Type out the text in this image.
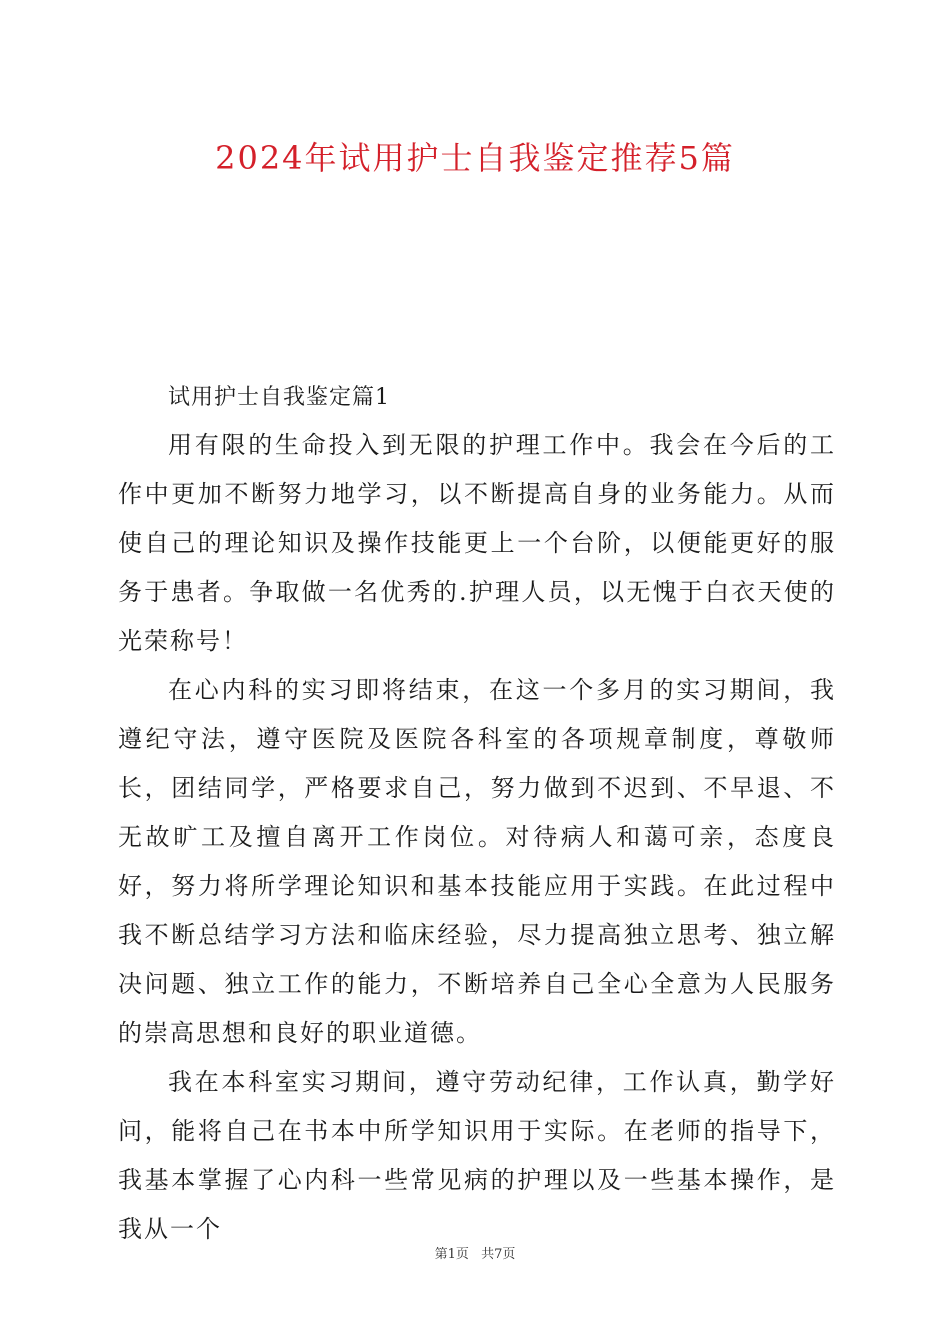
2024年试用护士自我鉴定推荐5篇

试用护士自我鉴定篇1

用有限的生命投入到无限的护理工作中。我会在今后的工作中更加不断努力地学习，以不断提高自身的业务能力。从而使自己的理论知识及操作技能更上一个台阶，以便能更好的服务于患者。争取做一名优秀的.护理人员，以无愧于白衣天使的光荣称号！

在心内科的实习即将结束，在这一个多月的实习期间，我遵纪守法，遵守医院及医院各科室的各项规章制度，尊敬师长，团结同学，严格要求自己，努力做到不迟到、不早退、不无故旷工及擅自离开工作岗位。对待病人和蔼可亲，态度良好，努力将所学理论知识和基本技能应用于实践。在此过程中我不断总结学习方法和临床经验，尽力提高独立思考、独立解决问题、独立工作的能力，不断培养自己全心全意为人民服务的崇高思想和良好的职业道德。

我在本科室实习期间，遵守劳动纪律，工作认真，勤学好问，能将自己在书本中所学知识用于实际。在老师的指导下，我基本掌握了心内科一些常见病的护理以及一些基本操作，是我从一个

第1页 共7页
